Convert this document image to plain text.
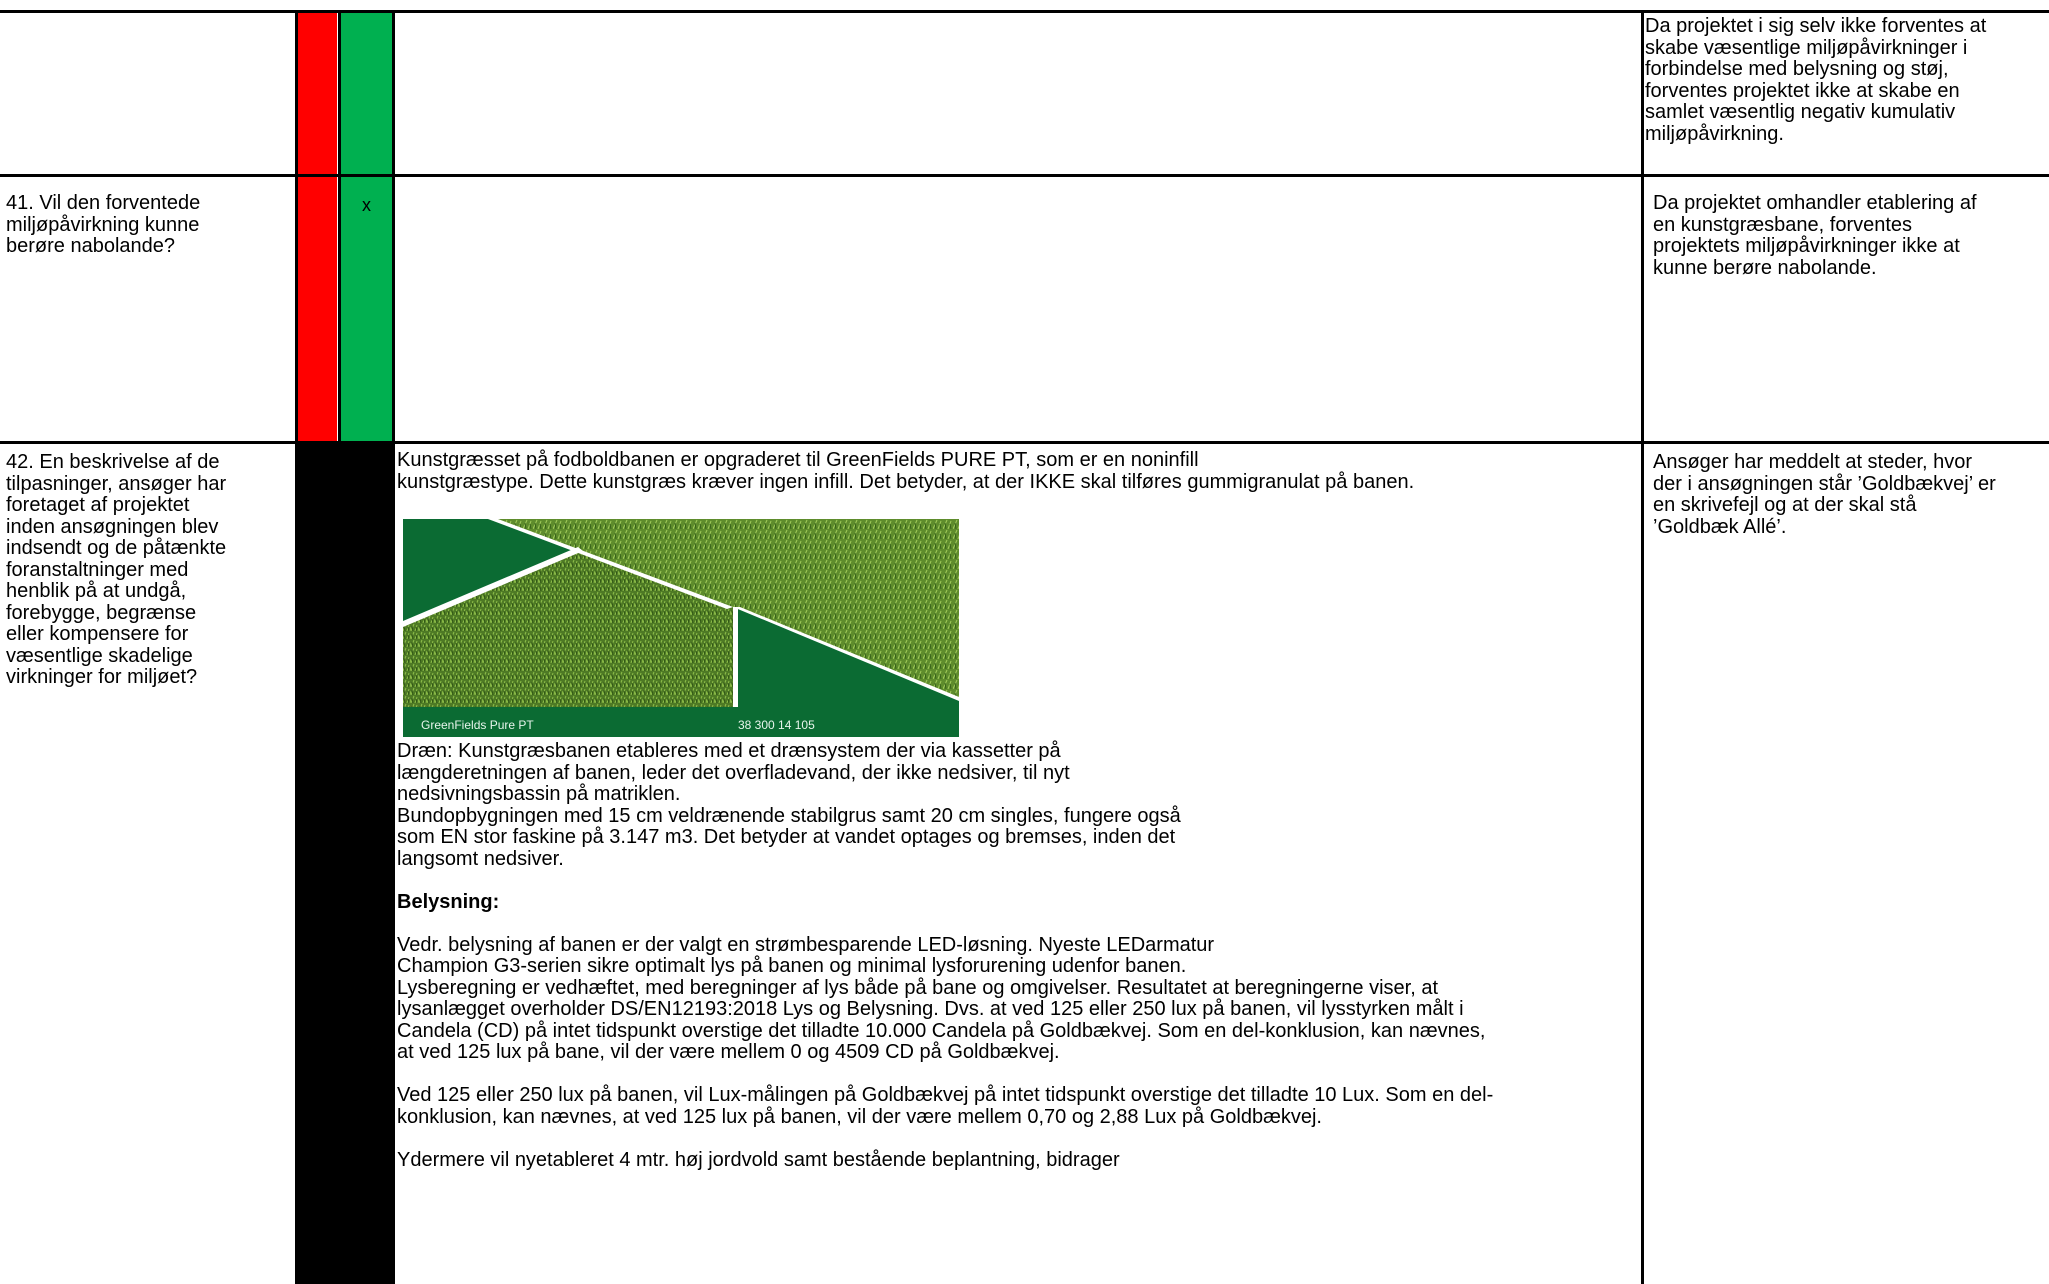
Da projektet i sig selv ikke forventes at
skabe væsentlige miljøpåvirkninger i
forbindelse med belysning og støj,
forventes projektet ikke at skabe en
samlet væsentlig negativ kumulativ
miljøpåvirkning.
41. Vil den forventede
miljøpåvirkning kunne
berøre nabolande?
x	Da projektet omhandler etablering af
en kunstgræsbane, forventes
projektets miljøpåvirkninger ikke at
kunne berøre nabolande.
42. En beskrivelse af de
tilpasninger, ansøger har
foretaget af projektet
inden ansøgningen blev
indsendt og de påtænkte
foranstaltninger med
henblik på at undgå,
forebygge, begrænse
eller kompensere for
væsentlige skadelige
virkninger for miljøet?
Ansøger har meddelt at steder, hvor
der i ansøgningen står ’Goldbækvej’ er
en skrivefejl og at der skal stå
’Goldbæk Allé’.

Kunstgræsset på fodboldbanen er opgraderet til GreenFields PURE PT, som er en noninfill
kunstgræstype. Dette kunstgræs kræver ingen infill. Det betyder, at der IKKE skal tilføres gummigranulat på banen.

GreenFields Pure PT	38 300 14 105

Dræn: Kunstgræsbanen etableres med et drænsystem der via kassetter på
længderetningen af banen, leder det overfladevand, der ikke nedsiver, til nyt
nedsivningsbassin på matriklen.
Bundopbygningen med 15 cm veldrænende stabilgrus samt 20 cm singles, fungere også
som EN stor faskine på 3.147 m3. Det betyder at vandet optages og bremses, inden det
langsomt nedsiver.

Belysning:

Vedr. belysning af banen er der valgt en strømbesparende LED-løsning. Nyeste LEDarmatur
Champion G3-serien sikre optimalt lys på banen og minimal lysforurening udenfor banen.
Lysberegning er vedhæftet, med beregninger af lys både på bane og omgivelser. Resultatet at beregningerne viser, at
lysanlægget overholder DS/EN12193:2018 Lys og Belysning. Dvs. at ved 125 eller 250 lux på banen, vil lysstyrken målt i
Candela (CD) på intet tidspunkt overstige det tilladte 10.000 Candela på Goldbækvej. Som en del-konklusion, kan nævnes,
at ved 125 lux på bane, vil der være mellem 0 og 4509 CD på Goldbækvej.

Ved 125 eller 250 lux på banen, vil Lux-målingen på Goldbækvej på intet tidspunkt overstige det tilladte 10 Lux. Som en del-
konklusion, kan nævnes, at ved 125 lux på banen, vil der være mellem 0,70 og 2,88 Lux på Goldbækvej.

Ydermere vil nyetableret 4 mtr. høj jordvold samt bestående beplantning, bidrager
